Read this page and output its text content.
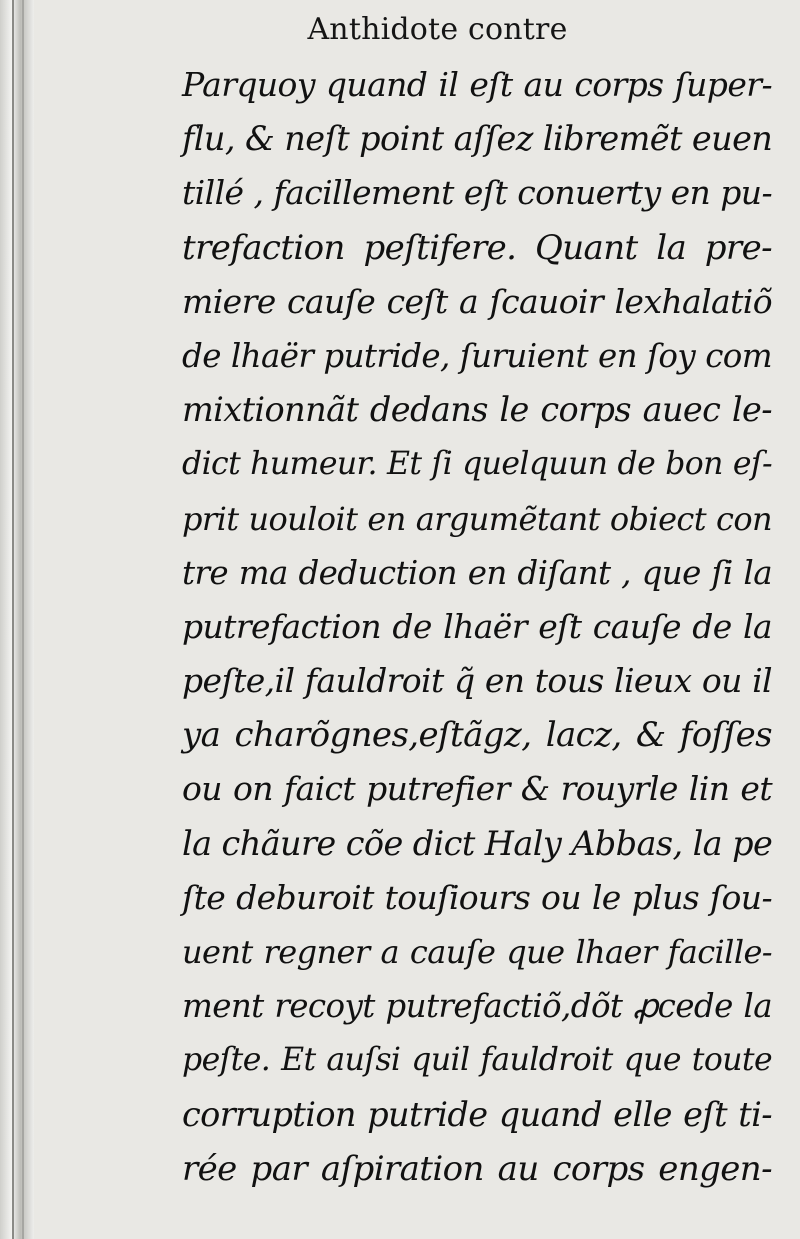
Anthidote contre
Parquoy quand il eſt au corps ſuper-
flu, & neſt point aſſez libremẽt euen
tillé , facillement eſt conuerty en pu-
trefaction peſtifere. Quant la pre-
miere cauſe ceſt a ſcauoir lexhalatiõ
de lhaër putride, ſuruient en ſoy com
mixtionnãt dedans le corps auec le-
dict humeur. Et ſi quelquun de bon eſ-
prit uouloit en argumẽtant obiect con
tre ma deduction en diſant , que ſi la
putrefaction de lhaër eſt cauſe de la
peſte,il fauldroit q̃ en tous lieux ou il
ya charõgnes,eſtãgz, lacz, & foſſes
ou on faict putrefier & rouyrle lin et
la chãure cõe dict Haly Abbas, la pe
ſte deburoit touſiours ou le plus ſou-
uent regner a cauſe que lhaer facille-
ment recoyt putrefactiõ,dõt ꝓcede la
peſte. Et auſsi quil fauldroit que toute
corruption putride quand elle eſt ti-
rée par aſpiration au corps engen-
